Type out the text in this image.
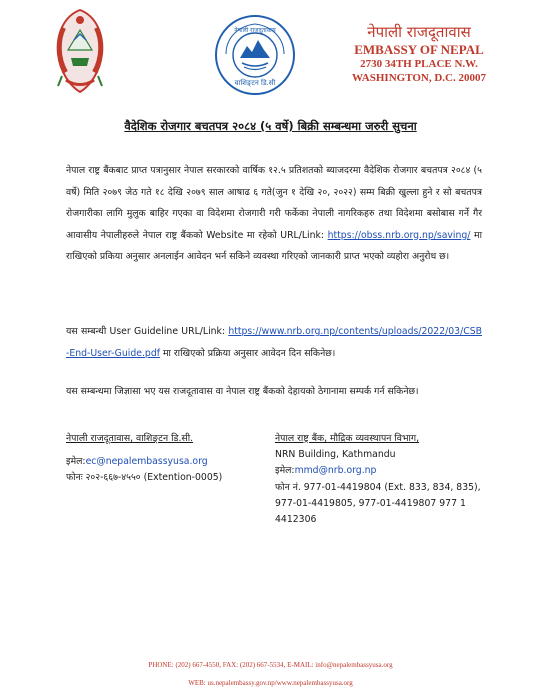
वाशिङ्टन डि.सी
नेपाली राजदूतावास	नेपाली राजदूतावास
EMBASSY OF NEPAL
2730 34TH PLACE N.W.
WASHINGTON, D.C. 20007
वैदेशिक रोजगार बचतपत्र २०८४ (५ वर्षे) बिक्री सम्बन्धमा जरुरी सुचना
नेपाल राष्ट्र बैंकबाट प्राप्त पत्रानुसार नेपाल सरकारको वार्षिक १२.५ प्रतिशतको ब्याजदरमा वैदेशिक रोजगार बचतपत्र २०८४ (५ वर्षे) मिति २०७९ जेठ गते १८ देखि २०७९ साल आषाढ ६ गते(जुन १ देखि २०, २०२२) सम्म बिक्री खुल्ला हुने र सो बचतपत्र रोजगारीका लागि मुलुक बाहिर गएका वा विदेशमा रोजगारी गरी फर्केका नेपाली नागरिकहरु तथा विदेशमा बसोबास गर्ने गैर आवासीय नेपालीहरुले नेपाल राष्ट्र बैंकको Website मा रहेको URL/Link: https://obss.nrb.org.np/saving/ मा राखिएको प्रकिया अनुसार अनलाईन आवेदन भर्न सकिने व्यवस्था गरिएको जानकारी प्राप्त भएको व्यहोरा अनुरोध छ।
यस सम्बन्धी User Guideline URL/Link: https://www.nrb.org.np/contents/uploads/2022/03/CSB-End-User-Guide.pdf मा राखिएको प्रक्रिया अनुसार आवेदन दिन सकिनेछ।
यस सम्बन्धमा जिज्ञासा भए यस राजदूतावास वा नेपाल राष्ट्र बैंकको देहायको ठेगानामा सम्पर्क गर्न सकिनेछ।
नेपाली राजदूतावास, वाशिङ्टन डि.सी.
इमेल:ec@nepalembassyusa.org
फोनः २०२-६६७-४५५० (Extention-0005)
नेपाल राष्ट्र बैंक, मौद्रिक व्यवस्थापन विभाग,
NRN Building, Kathmandu
इमेल:mmd@nrb.org.np
फोन नं. 977-01-4419804 (Ext. 833, 834, 835), 977-01-4419805, 977-01-4419807 977 1 4412306
PHONE: (202) 667-4550, FAX: (202) 667-5534, E-MAIL: info@nepalembassyusa.org
WEB: us.nepalembassy.gov.np/www.nepalembassyusa.org
